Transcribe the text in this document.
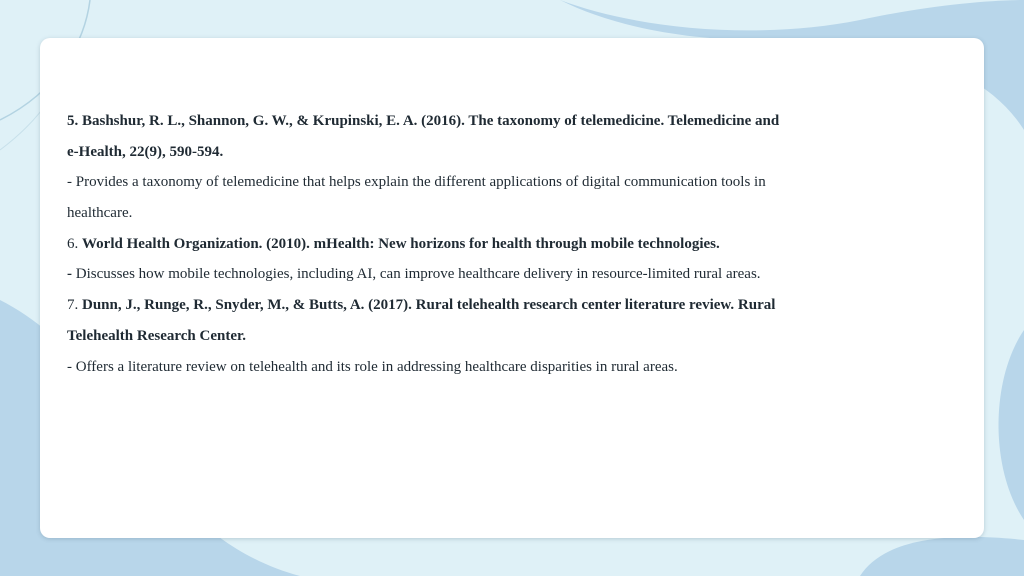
5. Bashshur, R. L., Shannon, G. W., & Krupinski, E. A. (2016). The taxonomy of telemedicine. Telemedicine and
e-Health, 22(9), 590-594.
- Provides a taxonomy of telemedicine that helps explain the different applications of digital communication tools in
healthcare.
6. World Health Organization. (2010). mHealth: New horizons for health through mobile technologies.
- Discusses how mobile technologies, including AI, can improve healthcare delivery in resource-limited rural areas.
7. Dunn, J., Runge, R., Snyder, M., & Butts, A. (2017). Rural telehealth research center literature review. Rural
Telehealth Research Center.
- Offers a literature review on telehealth and its role in addressing healthcare disparities in rural areas.
